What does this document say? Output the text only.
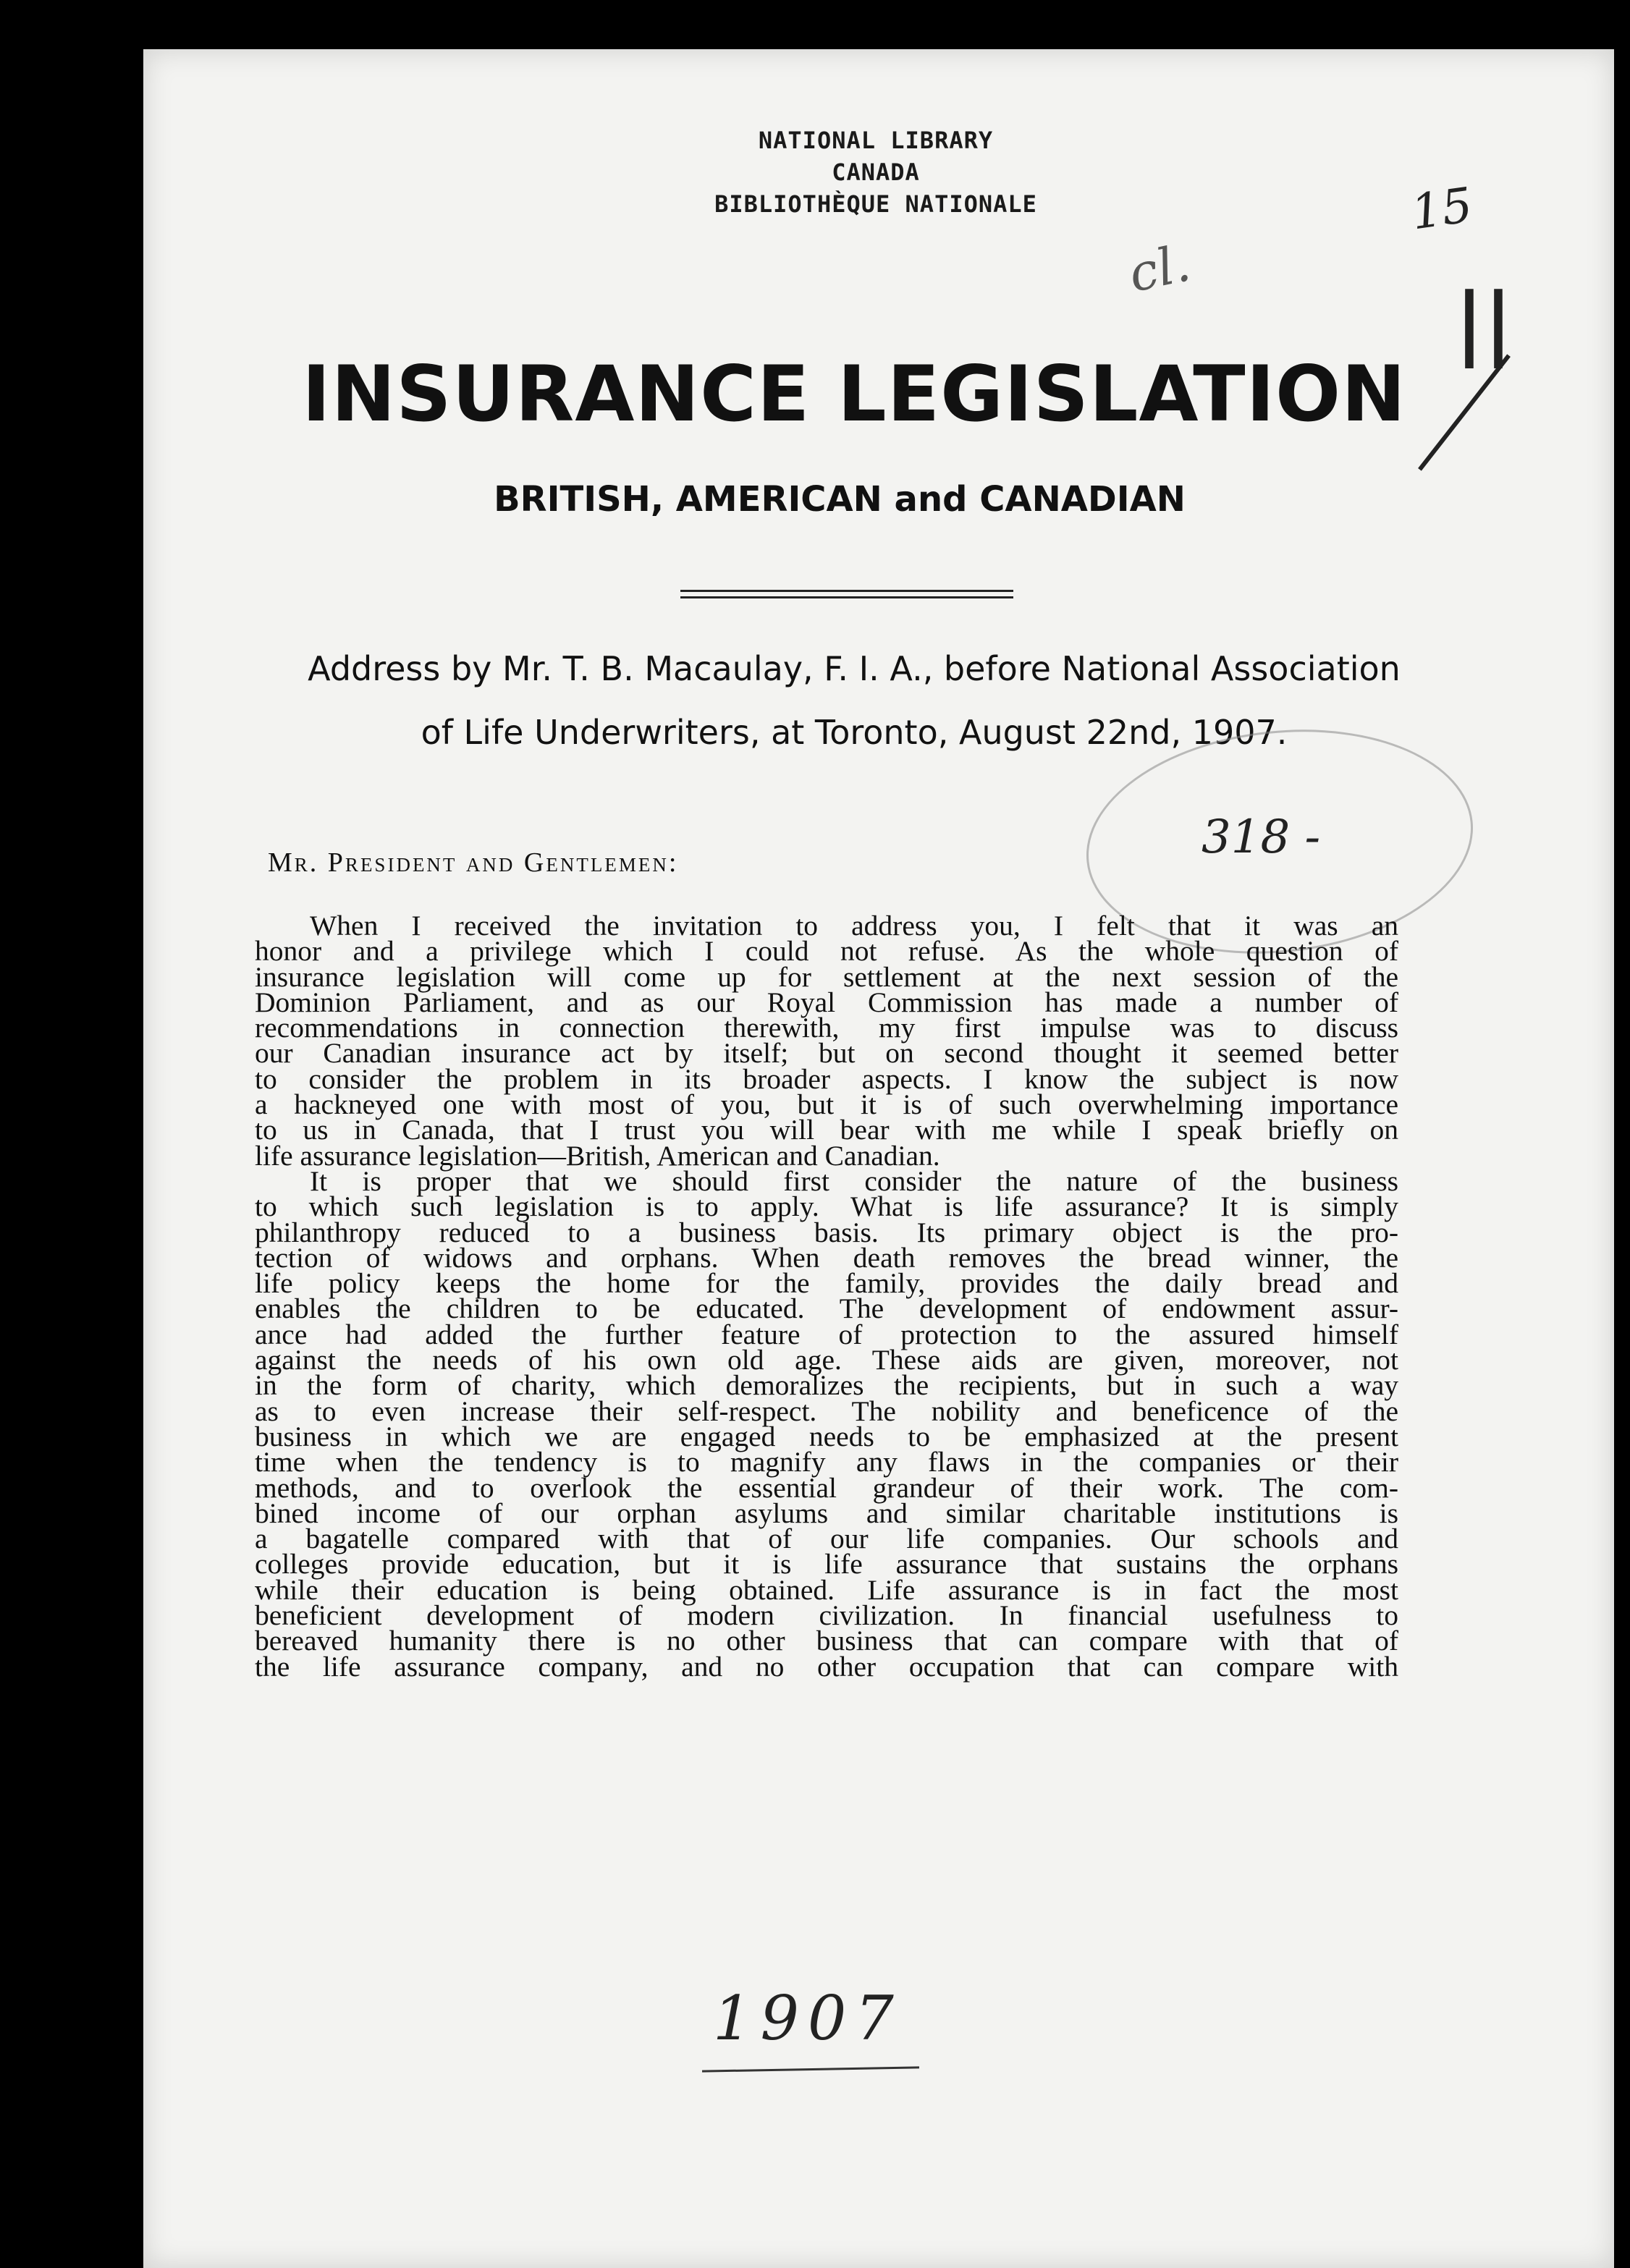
NATIONAL LIBRARY
CANADA
BIBLIOTHÈQUE NATIONALE
INSURANCE LEGISLATION
BRITISH, AMERICAN and CANADIAN
Address by Mr. T. B. Macaulay, F. I. A., before National Association
of Life Underwriters, at Toronto, August 22nd, 1907.
318 -
Mr. President and Gentlemen:
When I received the invitation to address you, I felt that it was an
honor and a privilege which I could not refuse. As the whole question of
insurance legislation will come up for settlement at the next session of the
Dominion Parliament, and as our Royal Commission has made a number of
recommendations in connection therewith, my first impulse was to discuss
our Canadian insurance act by itself; but on second thought it seemed better
to consider the problem in its broader aspects. I know the subject is now
a hackneyed one with most of you, but it is of such overwhelming importance
to us in Canada, that I trust you will bear with me while I speak briefly on
life assurance legislation—British, American and Canadian.
It is proper that we should first consider the nature of the business
to which such legislation is to apply. What is life assurance? It is simply
philanthropy reduced to a business basis. Its primary object is the pro-
tection of widows and orphans. When death removes the bread winner, the
life policy keeps the home for the family, provides the daily bread and
enables the children to be educated. The development of endowment assur-
ance had added the further feature of protection to the assured himself
against the needs of his own old age. These aids are given, moreover, not
in the form of charity, which demoralizes the recipients, but in such a way
as to even increase their self-respect. The nobility and beneficence of the
business in which we are engaged needs to be emphasized at the present
time when the tendency is to magnify any flaws in the companies or their
methods, and to overlook the essential grandeur of their work. The com-
bined income of our orphan asylums and similar charitable institutions is
a bagatelle compared with that of our life companies. Our schools and
colleges provide education, but it is life assurance that sustains the orphans
while their education is being obtained. Life assurance is in fact the most
beneficient development of modern civilization. In financial usefulness to
bereaved humanity there is no other business that can compare with that of
the life assurance company, and no other occupation that can compare with
1907
15
cl.
||
